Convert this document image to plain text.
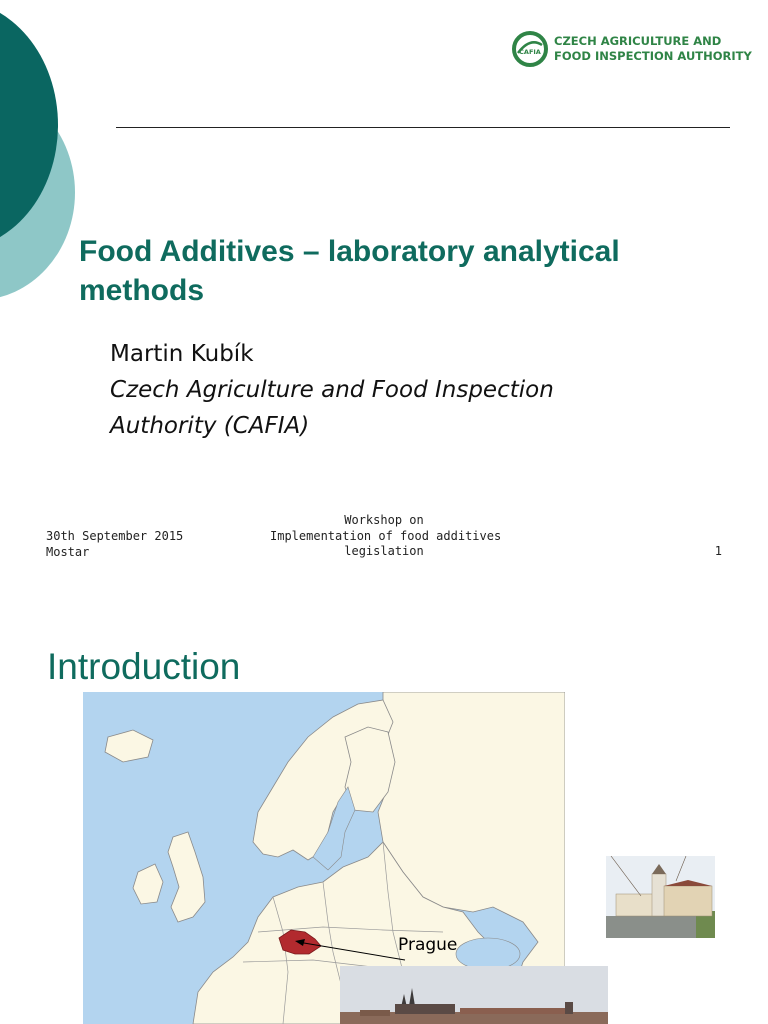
CAFIA
CZECH AGRICULTURE AND
FOOD INSPECTION AUTHORITY
Food Additives – laboratory analytical
methods
Martin Kubík
Czech Agriculture and Food Inspection
Authority (CAFIA)
30th September 2015
Mostar
Workshop on
Implementation of food additives
legislation	1
Introduction
Prague
